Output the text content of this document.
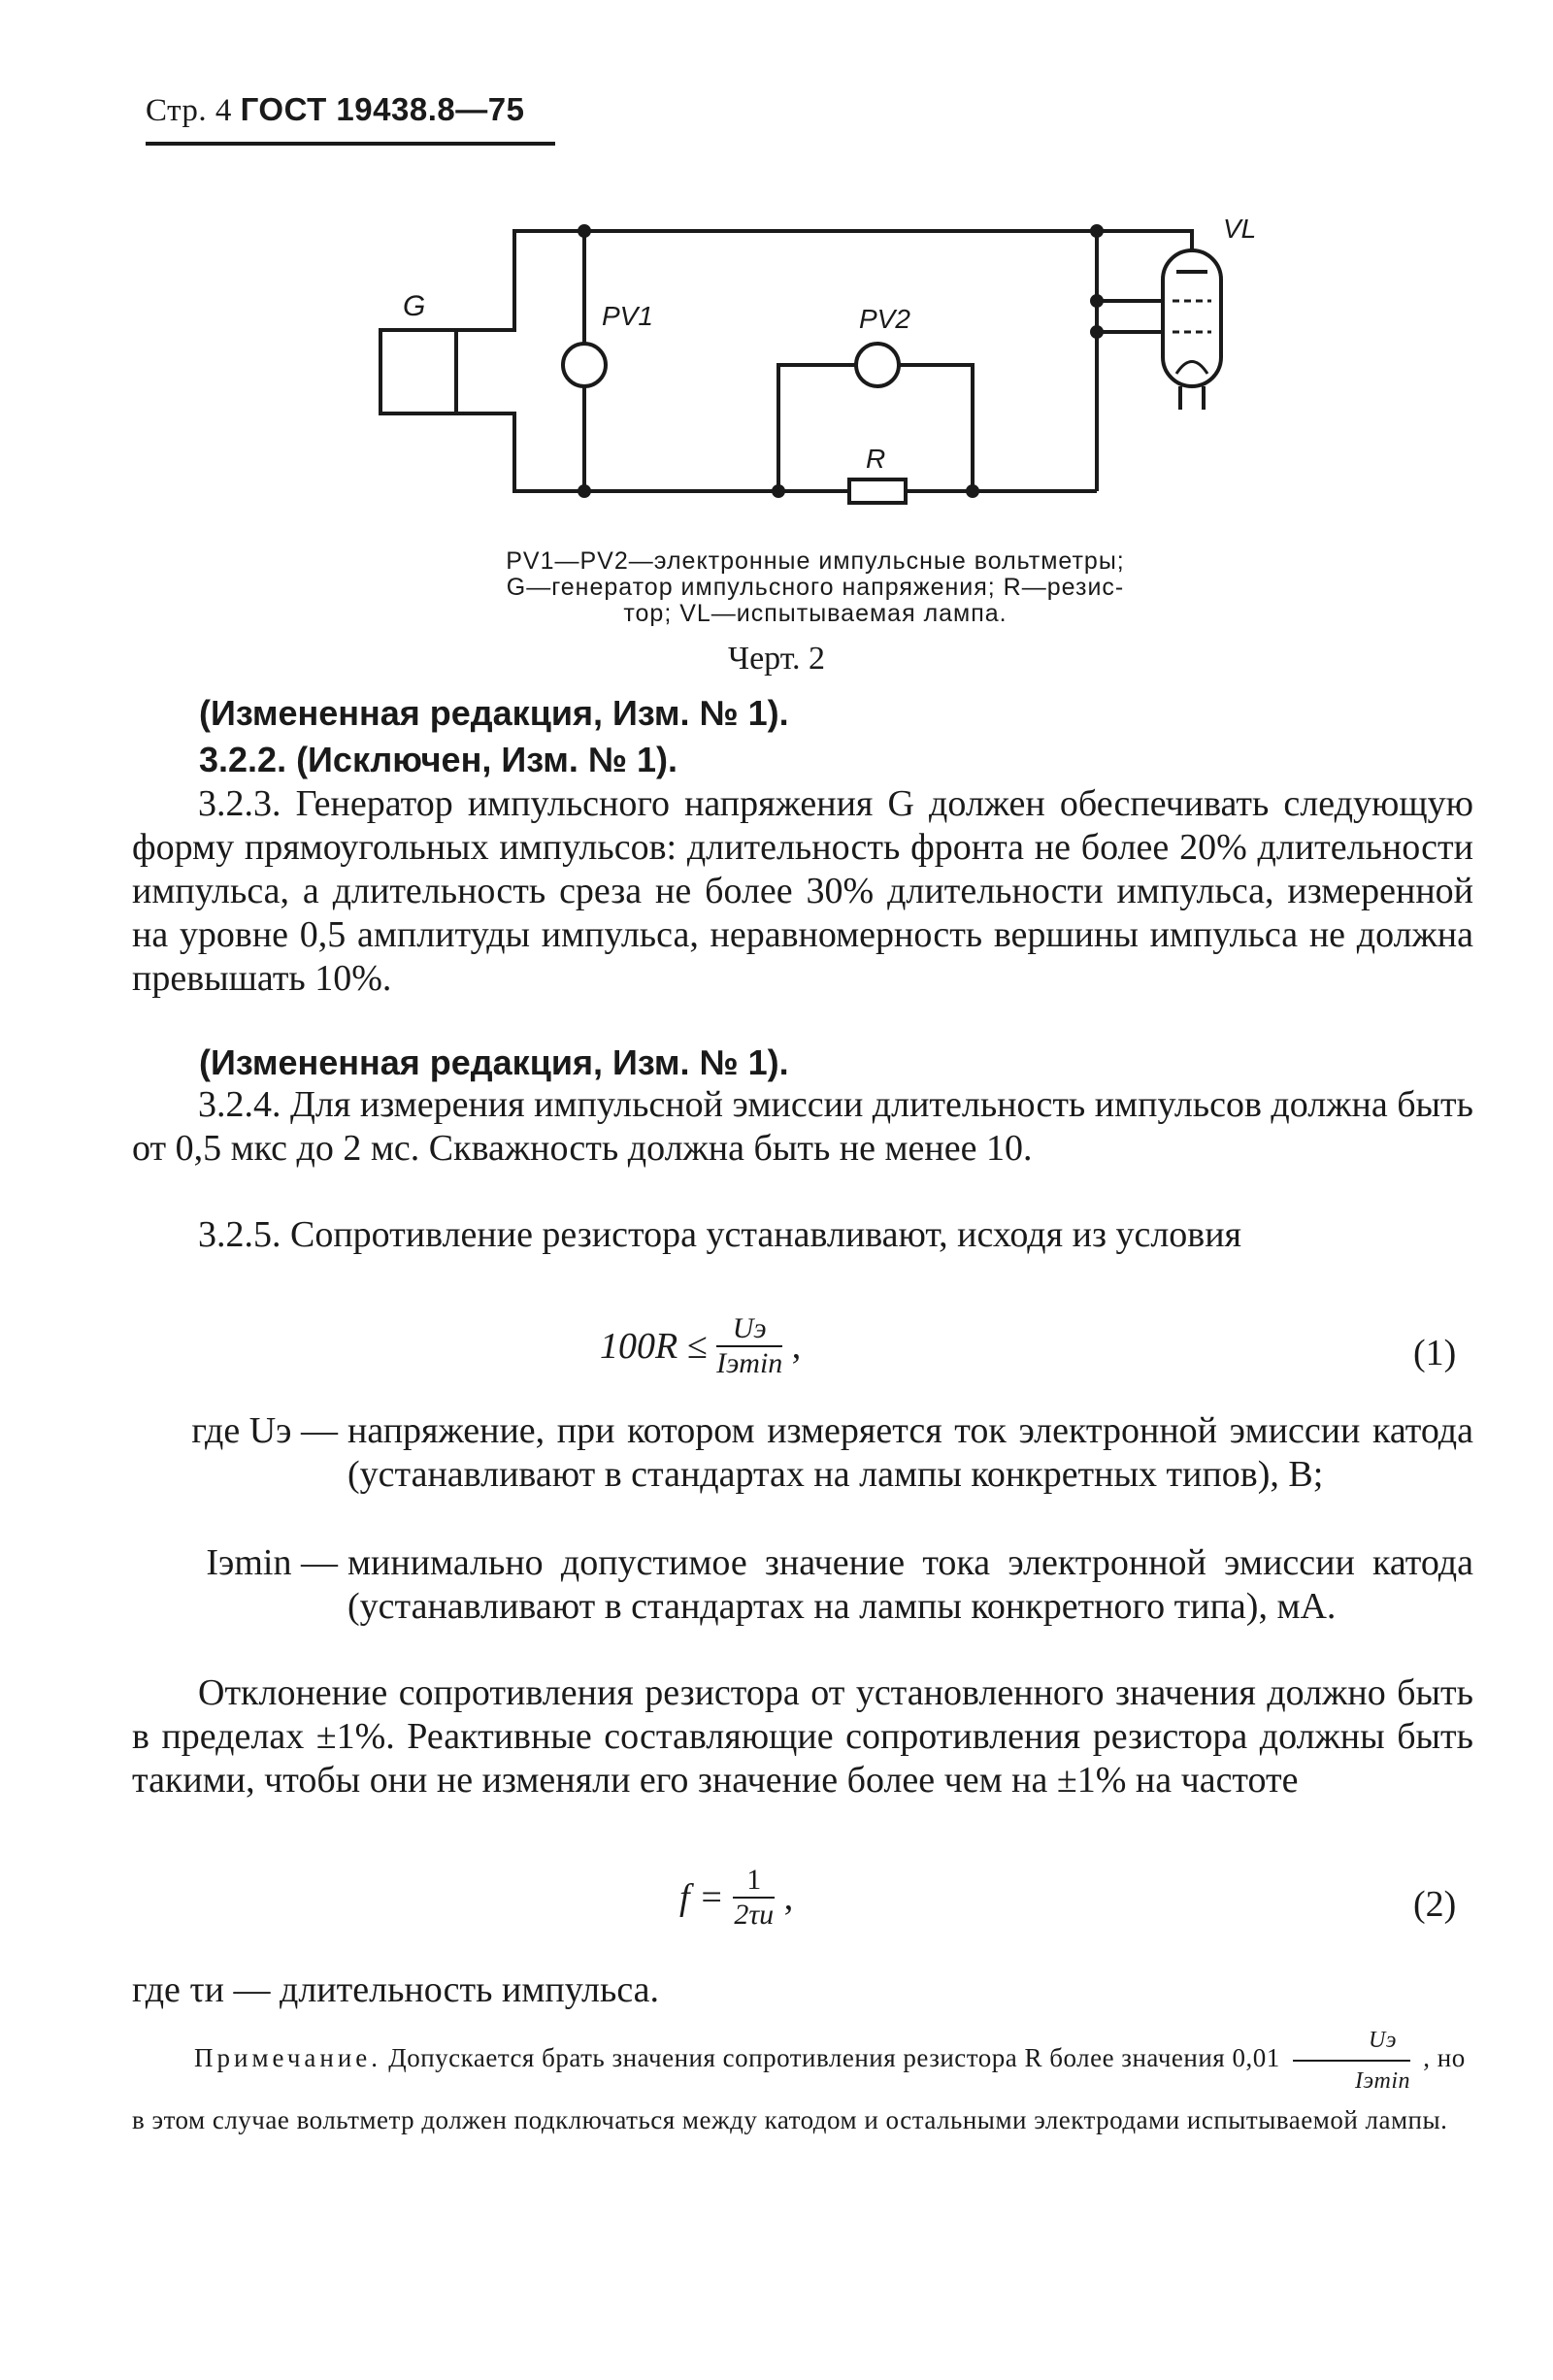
Стр. 4 ГОСТ 19438.8—75
G	PV1	PV2
R
VL
PV1—PV2—электронные импульсные вольтметры;
G—генератор импульсного напряжения; R—резис-
тор; VL—испытываемая лампа.
Черт. 2
(Измененная редакция, Изм. № 1).
3.2.2. (Исключен, Изм. № 1).
3.2.3. Генератор импульсного напряжения G должен обеспечивать следующую форму прямоугольных импульсов: длительность фронта не более 20% длительности импульса, а длительность среза не более 30% длительности импульса, измеренной на уровне 0,5 амплитуды импульса, неравномерность вершины импульса не должна превышать 10%.
(Измененная редакция, Изм. № 1).
3.2.4. Для измерения импульсной эмиссии длительность импульсов должна быть от 0,5 мкс до 2 мс. Скважность должна быть не менее 10.
3.2.5. Сопротивление резистора устанавливают, исходя из условия
$100R \le \frac{Uэ}{Iэ\min}$ ,	(1)
где Uэ — напряжение, при котором измеряется ток электронной эмиссии катода (устанавливают в стандартах на лампы конкретных типов), В;
Iэmin — минимально допустимое значение тока электронной эмиссии катода (устанавливают в стандартах на лампы конкретного типа), мА.
Отклонение сопротивления резистора от установленного значения должно быть в пределах ±1%. Реактивные составляющие сопротивления резистора должны быть такими, чтобы они не изменяли его значение более чем на ±1% на частоте
$f = \frac{1}{2\tau и}$ ,	(2)
где τи — длительность импульса.
Примечание. Допускается брать значения сопротивления резистора R более значения $0,01 \frac{Uэ}{Iэ\min}$ , но в этом случае вольтметр должен подключаться между катодом и остальными электродами испытываемой лампы.
